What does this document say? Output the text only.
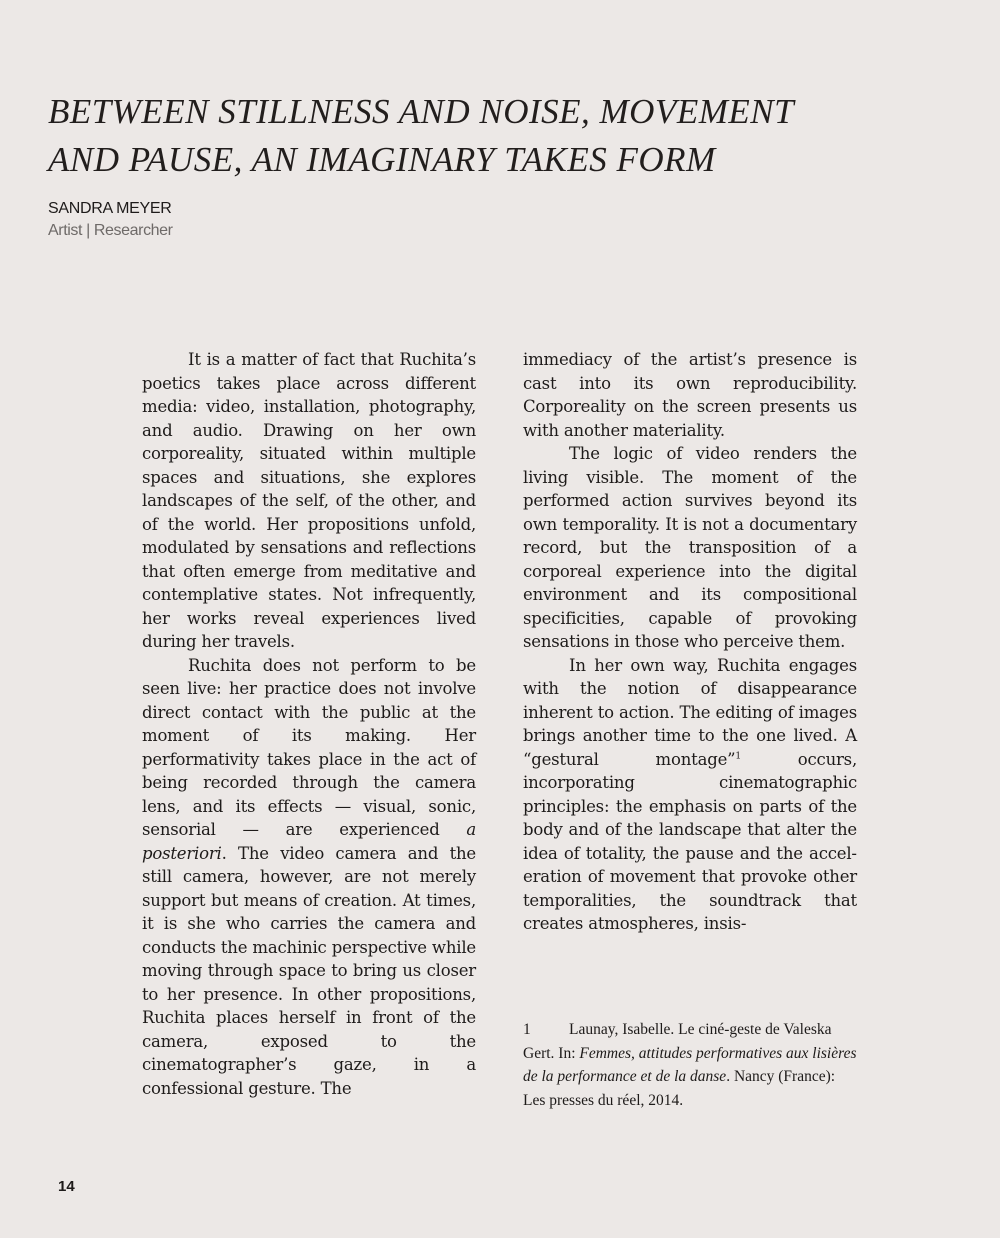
BETWEEN STILLNESS AND NOISE, MOVEMENT
AND PAUSE, AN IMAGINARY TAKES FORM
SANDRA MEYER
Artist | Researcher

It is a matter of fact that Ruchita’s poetics takes place across different media: video, installation, photography, and audio. Drawing on her own corporeality, situated within multiple spaces and situations, she explores landscapes of the self, of the other, and of the world. Her propositions unfold, modulated by sensations and reflections that often emerge from meditative and contemplative states. Not infrequently, her works reveal experiences lived during her travels.

Ruchita does not perform to be seen live: her practice does not involve direct contact with the public at the moment of its making. Her performativity takes place in the act of being recorded through the camera lens, and its effects — visual, sonic, sensorial — are experienced a posteriori. The video camera and the still camera, however, are not merely support but means of creation. At times, it is she who carries the camera and conducts the machinic perspective while moving through space to bring us closer to her presence. In other propositions, Ruchita places herself in front of the camera, exposed to the cinematographer’s gaze, in a confessional gesture. The

immediacy of the artist’s presence is cast into its own reproducibility. Corporeality on the screen presents us with another materiality.

The logic of video renders the living visible. The moment of the performed action survives beyond its own temporality. It is not a documentary record, but the transposition of a corporeal experience into the digital environment and its compositional specificities, capable of provoking sensations in those who perceive them.

In her own way, Ruchita engages with the notion of disappearance inherent to action. The editing of images brings another time to the one lived. A “gestural montage”$^1$ occurs, incorporating cinematographic principles: the emphasis on parts of the body and of the landscape that alter the idea of totality, the pause and the acceleration of movement that provoke other temporalities, the soundtrack that creates atmospheres, insis-

1 Launay, Isabelle. Le ciné-geste de Valeska Gert. In: Femmes, attitudes performatives aux lisières de la performance et de la danse. Nancy (France): Les presses du réel, 2014.
14
